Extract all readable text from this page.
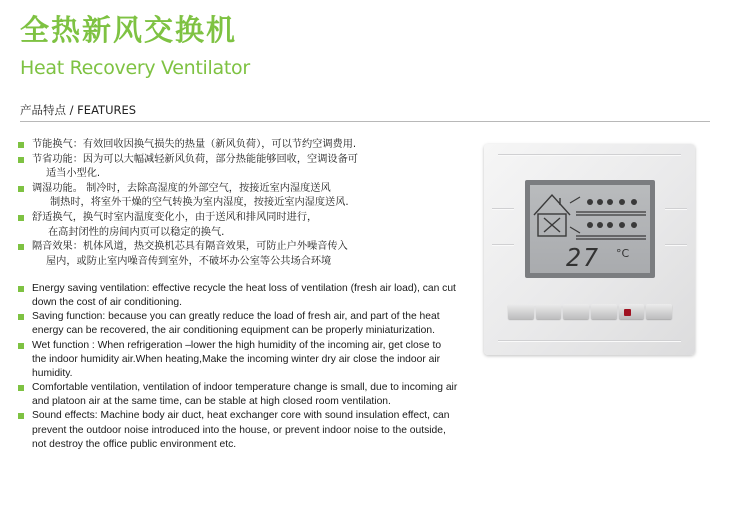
全热新风交换机
Heat Recovery Ventilator
产品特点 / FEATURES
节能换气：有效回收因换气损失的热量（新风负荷），可以节约空调费用.
节省功能：因为可以大幅减轻新风负荷，部分热能能够回收，空调设备可
适当小型化.
调湿功能。 制冷时，去除高湿度的外部空气，按接近室内湿度送风
制热时，将室外干燥的空气转换为室内湿度，按接近室内湿度送风.
舒适换气，换气时室内温度变化小，由于送风和排风同时进行，
在高封闭性的房间内页可以稳定的换气.
隔音效果：机体风道，热交换机芯具有隔音效果，可防止户外噪音传入
屋内，或防止室内噪音传到室外，不破坏办公室等公共场合环境
Energy saving ventilation: effective recycle the heat loss of ventilation (fresh air load), can cut down the cost of air conditioning.
Saving function: because you can greatly reduce the load of fresh air, and part of the heat energy can be recovered, the air conditioning equipment can be properly miniaturization.
Wet function : When refrigeration –lower the high humidity of the incoming air, get close to the indoor humidity air.When heating,Make the incoming winter dry air close the indoor air humidity.
Comfortable ventilation, ventilation of indoor temperature change is small, due to incoming air and platoon air at the same time, can be stable at high closed room ventilation.
Sound effects: Machine body air duct, heat exchanger core with sound insulation effect, can prevent the outdoor noise introduced into the house, or prevent indoor noise to the outside, not destroy the office public environment etc.
27 °C
